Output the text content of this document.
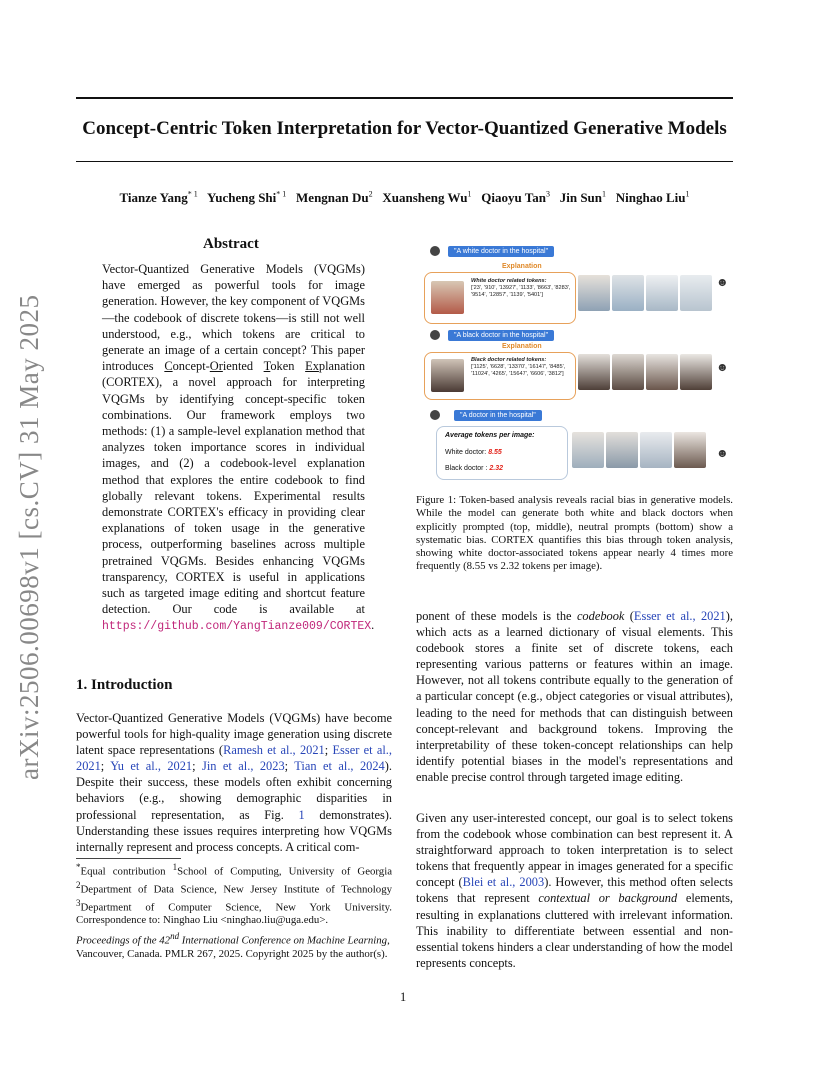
Concept-Centric Token Interpretation for Vector-Quantized Generative Models
Tianze Yang$^{* 1}$ Yucheng Shi$^{* 1}$ Mengnan Du$^2$ Xuansheng Wu$^1$ Qiaoyu Tan$^3$ Jin Sun$^1$ Ninghao Liu$^1$
arXiv:2506.00698v1 [cs.CV] 31 May 2025
Abstract
Vector-Quantized Generative Models (VQGMs) have emerged as powerful tools for image generation. However, the key component of VQGMs—the codebook of discrete tokens—is still not well understood, e.g., which tokens are critical to generate an image of a certain concept? This paper introduces Concept-Oriented Token Explanation (CORTEX), a novel approach for interpreting VQGMs by identifying concept-specific token combinations. Our framework employs two methods: (1) a sample-level explanation method that analyzes token importance scores in individual images, and (2) a codebook-level explanation method that explores the entire codebook to find globally relevant tokens. Experimental results demonstrate CORTEX's efficacy in providing clear explanations of token usage in the generative process, outperforming baselines across multiple pretrained VQGMs. Besides enhancing VQGMs transparency, CORTEX is useful in applications such as targeted image editing and shortcut feature detection. Our code is available at https://github.com/YangTianze009/CORTEX.
1. Introduction
Vector-Quantized Generative Models (VQGMs) have become powerful tools for high-quality image generation using discrete latent space representations (Ramesh et al., 2021; Esser et al., 2021; Yu et al., 2021; Jin et al., 2023; Tian et al., 2024). Despite their success, these models often exhibit concerning behaviors (e.g., showing demographic disparities in professional representation, as Fig. 1 demonstrates). Understanding these issues requires interpreting how VQGMs internally represent and process concepts. A critical com-
*Equal contribution $^1$School of Computing, University of Georgia $^2$Department of Data Science, New Jersey Institute of Technology $^3$Department of Computer Science, New York University. Correspondence to: Ninghao Liu <ninghao.liu@uga.edu>.
Proceedings of the 42nd International Conference on Machine Learning, Vancouver, Canada. PMLR 267, 2025. Copyright 2025 by the author(s).
1
"A white doctor in the hospital"
Explanation
White doctor related tokens:
['23', '910', '13927', '1133', '8663', '8283', '9514', '12857', '1139', '5401']
☻
"A black doctor in the hospital"
Explanation
Black doctor related tokens:
['1125', '6628', '13370', '16147', '8485', '11024', '4265', '15647', '6606', '3812']	☻
"A doctor in the hospital"
Average tokens per image:
White doctor: 8.55
Black doctor : 2.32
☻
Figure 1: Token-based analysis reveals racial bias in generative models. While the model can generate both white and black doctors when explicitly prompted (top, middle), neutral prompts (bottom) show a systematic bias. CORTEX quantifies this bias through token analysis, showing white doctor-associated tokens appear nearly 4 times more frequently (8.55 vs 2.32 tokens per image).
ponent of these models is the codebook (Esser et al., 2021), which acts as a learned dictionary of visual elements. This codebook stores a finite set of discrete tokens, each representing various patterns or features within an image. However, not all tokens contribute equally to the generation of a particular concept (e.g., object categories or visual attributes), leading to the need for methods that can distinguish between concept-relevant and background tokens. Improving the interpretability of these token-concept relationships can help identify potential biases in the model's representations and enable precise control through targeted image editing.
Given any user-interested concept, our goal is to select tokens from the codebook whose combination can best represent it. A straightforward approach to token interpretation is to select tokens that frequently appear in images generated for a specific concept (Blei et al., 2003). However, this method often selects tokens that represent contextual or background elements, resulting in explanations cluttered with irrelevant information. This inability to differentiate between essential and non-essential tokens hinders a clear understanding of how the model represents concepts.
